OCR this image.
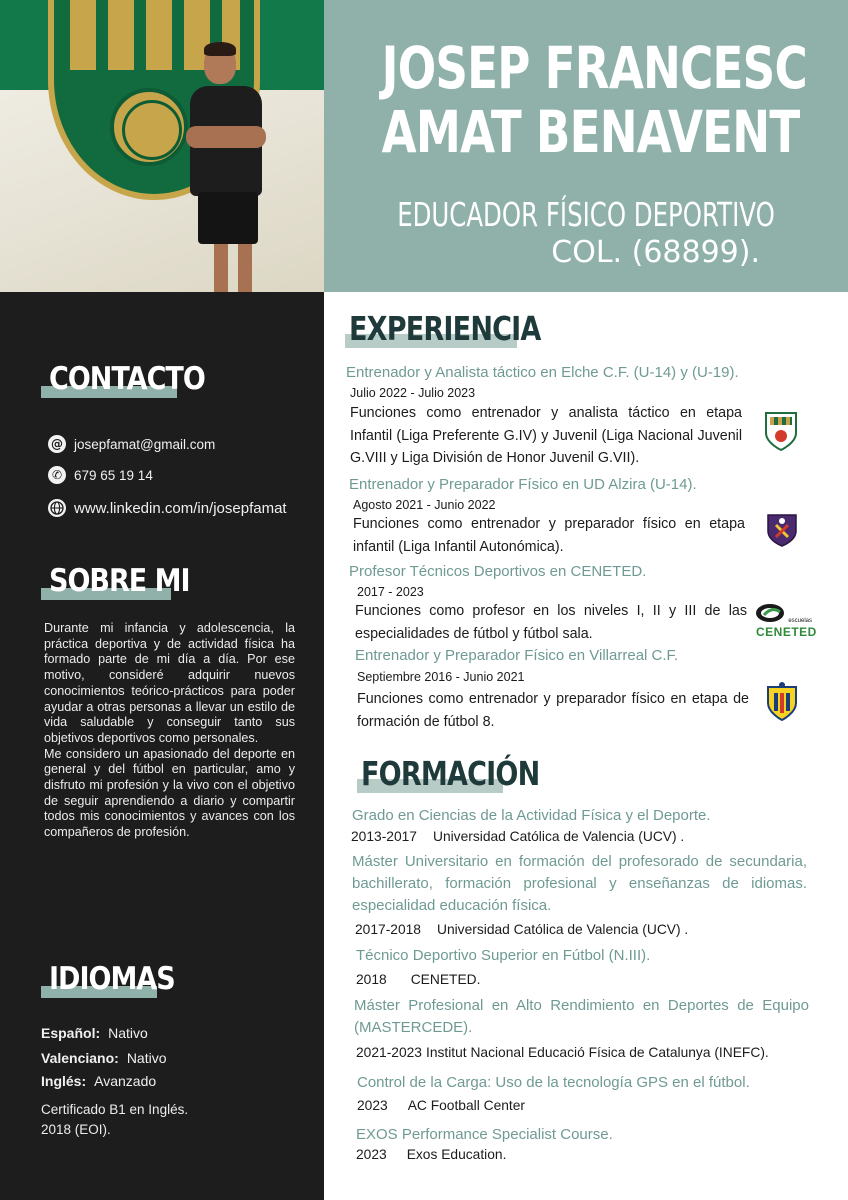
CONTACTO
@ josepfamat@gmail.com
✆ 679 65 19 14
www.linkedin.com/in/josepfamat
SOBRE MI

Durante mi infancia y adolescencia, la práctica deportiva y de actividad física ha formado parte de mi día a día. Por ese motivo, consideré adquirir nuevos conocimientos teórico-prácticos para poder ayudar a otras personas a llevar un estilo de vida saludable y conseguir tanto sus objetivos deportivos como personales.

Me considero un apasionado del deporte en general y del fútbol en particular, amo y disfruto mi profesión y la vivo con el objetivo de seguir aprendiendo a diario y compartir todos mis conocimientos y avances con los compañeros de profesión.

IDIOMAS
Español: Nativo
Valenciano: Nativo
Inglés: Avanzado
Certificado B1 en Inglés.
2018 (EOI).
JOSEP FRANCESC
AMAT BENAVENT
EDUCADOR FÍSICO DEPORTIVO
COL. (68899).
EXPERIENCIA
Entrenador y Analista táctico en Elche C.F. (U-14) y (U-19).
Julio 2022 - Julio 2023
Funciones como entrenador y analista táctico en etapa Infantil (Liga Preferente G.IV) y Juvenil (Liga Nacional Juvenil G.VIII y Liga División de Honor Juvenil G.VII).
Entrenador y Preparador Físico en UD Alzira (U-14).
Agosto 2021 - Junio 2022
Funciones como entrenador y preparador físico en etapa infantil (Liga Infantil Autonómica).
Profesor Técnicos Deportivos en CENETED.
2017 - 2023
Funciones como profesor en los niveles I, II y III de las especialidades de fútbol y fútbol sala.
escuelas
CENETED
Entrenador y Preparador Físico en Villarreal C.F.
Septiembre 2016 - Junio 2021
Funciones como entrenador y preparador físico en etapa de formación de fútbol 8.
FORMACIÓN
Grado en Ciencias de la Actividad Física y el Deporte.
2013-2017 Universidad Católica de Valencia (UCV) .
Máster Universitario en formación del profesorado de secundaria, bachillerato, formación profesional y enseñanzas de idiomas. especialidad educación física.
2017-2018 Universidad Católica de Valencia (UCV) .
Técnico Deportivo Superior en Fútbol (N.III).
2018 CENETED.
Máster Profesional en Alto Rendimiento en Deportes de Equipo (MASTERCEDE).
2021-2023 Institut Nacional Educació Física de Catalunya (INEFC).
Control de la Carga: Uso de la tecnología GPS en el fútbol.
2023 AC Football Center
EXOS Performance Specialist Course.
2023 Exos Education.
